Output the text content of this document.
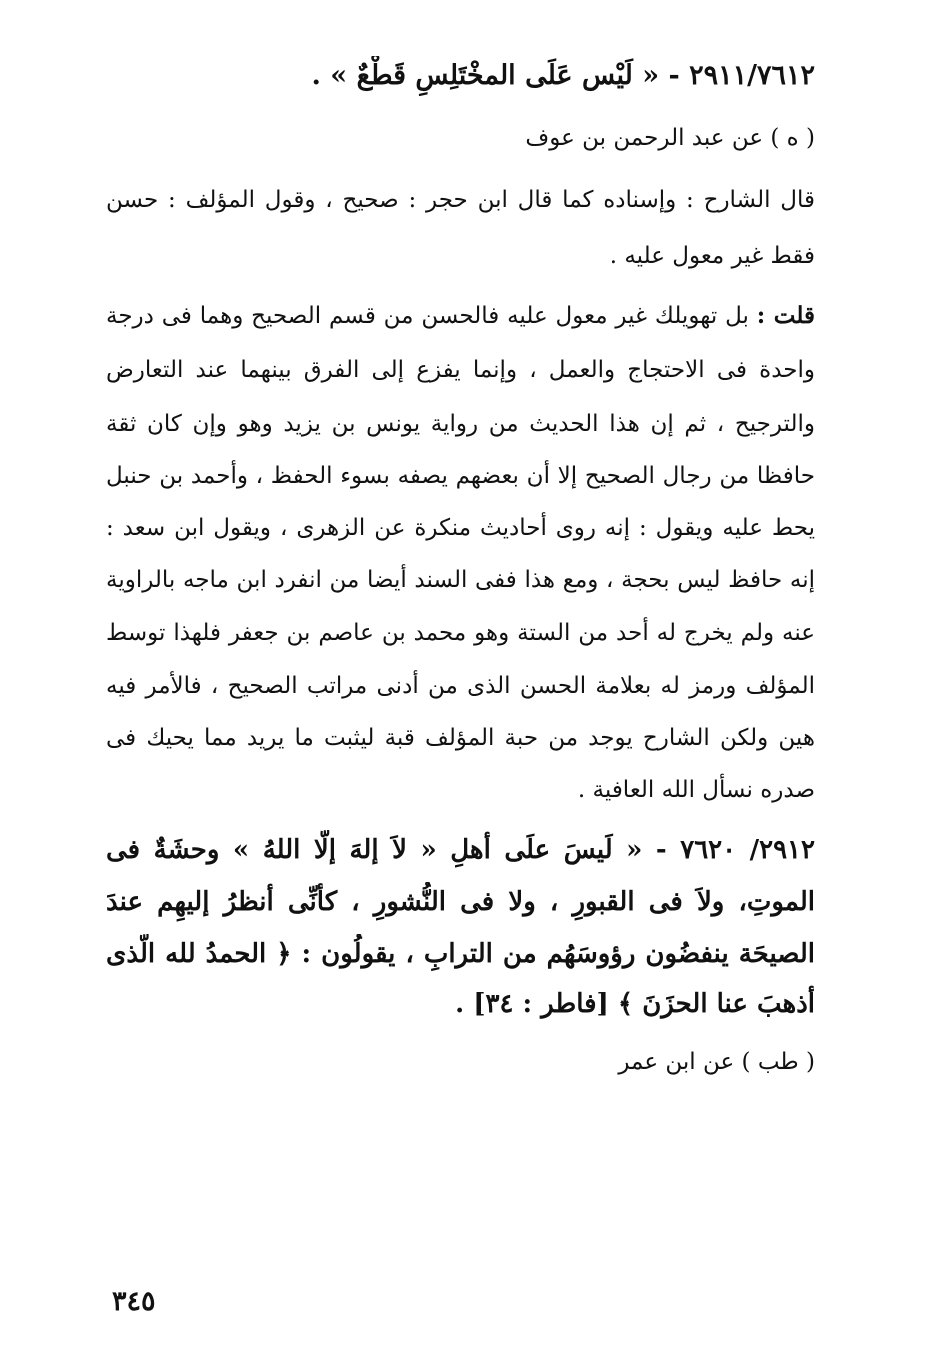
٢٩١١/٧٦١٢ - « لَيْس عَلَى المخْتَلِسِ قَطْعٌ » .
( ه ) عن عبد الرحمن بن عوف
قال الشارح : وإسناده كما قال ابن حجر : صحيح ، وقول المؤلف : حسن
فقط غير معول عليه .
قلت : بل تهويلك غير معول عليه فالحسن من قسم الصحيح وهما فى درجة
واحدة فى الاحتجاج والعمل ، وإنما يفزع إلى الفرق بينهما عند التعارض
والترجيح ، ثم إن هذا الحديث من رواية يونس بن يزيد وهو وإن كان ثقة
حافظا من رجال الصحيح إلا أن بعضهم يصفه بسوء الحفظ ، وأحمد بن حنبل
يحط عليه ويقول : إنه روى أحاديث منكرة عن الزهرى ، ويقول ابن سعد :
إنه حافظ ليس بحجة ، ومع هذا ففى السند أيضا من انفرد ابن ماجه بالراوية
عنه ولم يخرج له أحد من الستة وهو محمد بن عاصم بن جعفر فلهذا توسط
المؤلف ورمز له بعلامة الحسن الذى من أدنى مراتب الصحيح ، فالأمر فيه
هين ولكن الشارح يوجد من حبة المؤلف قبة ليثبت ما يريد مما يحيك فى
صدره نسأل الله العافية .
٢٩١٢/ ٧٦٢٠ - « لَيسَ علَى أهلِ « لاَ إلهَ إلَّا اللهُ » وحشَةٌ فى
الموتِ، ولاَ فى القبورِ ، ولا فى النُّشورِ ، كأنِّى أنظرُ إليهِم عندَ
الصيحَة ينفضُون رؤوسَهُم من الترابِ ، يقولُون : ﴿ الحمدُ لله الَّذى
أذهبَ عنا الحزَنَ ﴾ [فاطر : ٣٤] .
( طب ) عن ابن عمر
٣٤٥
